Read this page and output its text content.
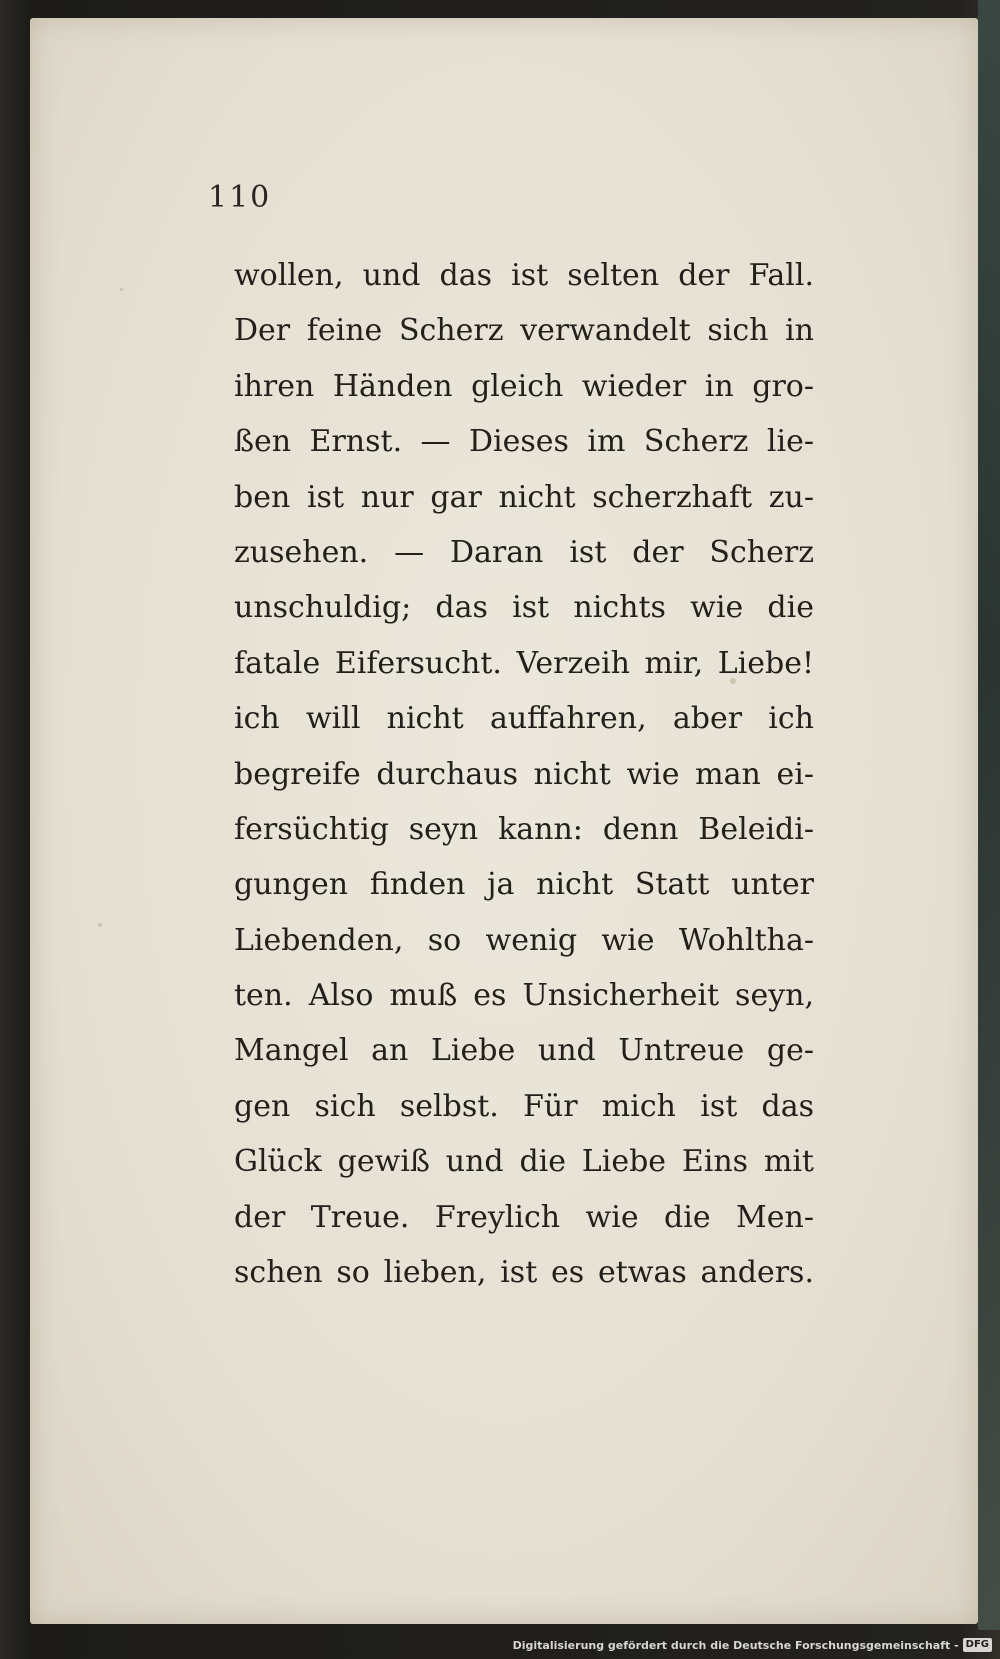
110
wollen, und das ist selten der Fall.
Der feine Scherz verwandelt sich in
ihren Händen gleich wieder in gro-
ßen Ernst. — Dieses im Scherz lie-
ben ist nur gar nicht scherzhaft zu-
zusehen. — Daran ist der Scherz
unschuldig; das ist nichts wie die
fatale Eifersucht. Verzeih mir, Liebe!
ich will nicht auffahren, aber ich
begreife durchaus nicht wie man ei-
fersüchtig seyn kann: denn Beleidi-
gungen finden ja nicht Statt unter
Liebenden, so wenig wie Wohltha-
ten. Also muß es Unsicherheit seyn,
Mangel an Liebe und Untreue ge-
gen sich selbst. Für mich ist das
Glück gewiß und die Liebe Eins mit
der Treue. Freylich wie die Men-
schen so lieben, ist es etwas anders.
Digitalisierung gefördert durch die Deutsche Forschungsgemeinschaft - DFG
